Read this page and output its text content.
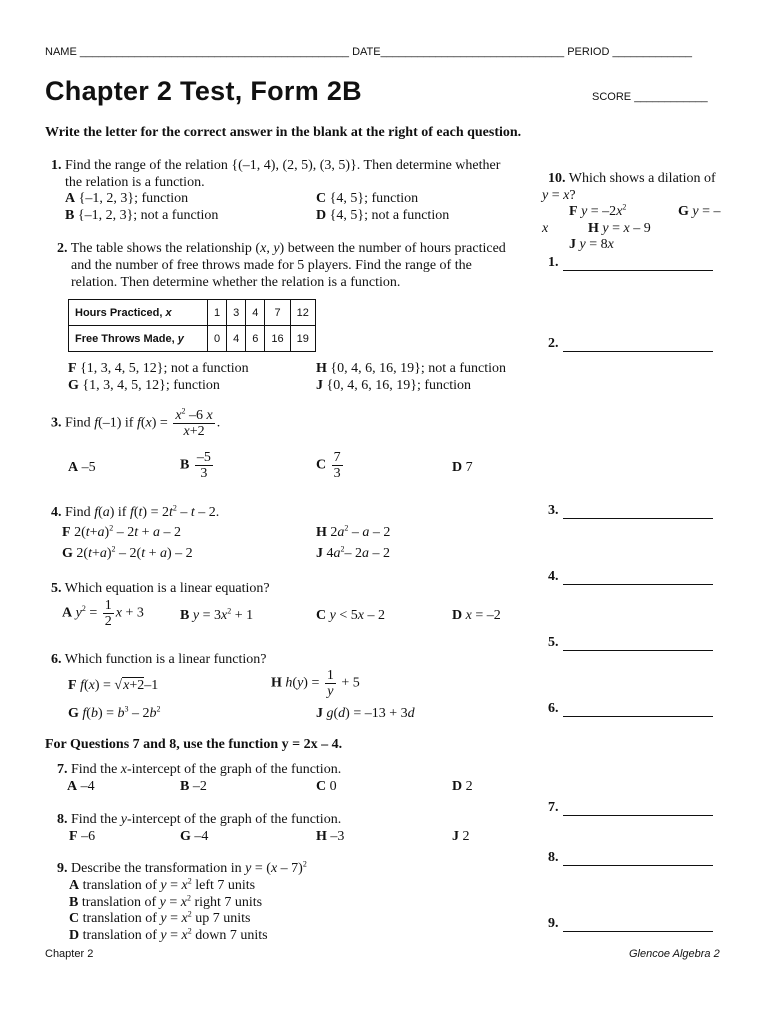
NAME ____________________________________________ DATE______________________________ PERIOD _____________
Chapter 2 Test, Form 2B	SCORE ____________
Write the letter for the correct answer in the blank at the right of each question.
1. Find the range of the relation {(–1, 4), (2, 5), (3, 5)}. Then determine whether
the relation is a function.
A {–1, 2, 3}; function
B {–1, 2, 3}; not a function
C {4, 5}; function
D {4, 5}; not a function
2. The table shows the relationship (x, y) between the number of hours practiced
and the number of free throws made for 5 players. Find the range of the
relation. Then determine whether the relation is a function.
Hours Practiced, x	1	3	4	7	12
Free Throws Made, y	0	4	6	16	19
F {1, 3, 4, 5, 12}; not a function
G {1, 3, 4, 5, 12}; function
H {0, 4, 6, 16, 19}; not a function
J {0, 4, 6, 16, 19}; function
3. Find f(–1) if $f(x) = \frac{x^2 -6 x}{x+2}$ .
A –5	B $\frac{-5}{3}$	C $\frac{7}{3}$	D 7
4. Find f(a) if $f(t) = 2t^2 - t - 2$.
F $2(t+a)^2 - 2t + a - 2$
G $2(t+a)^2 - 2(t + a) - 2$
H $2a^2$ – a – 2
J $4a^2-$ 2a – 2
5. Which equation is a linear equation?
A $y^2 = \frac{1}{2}$ x + 3	B $y = 3x^2 + 1$	C y < 5x – 2	D x = –2
6. Which function is a linear function?
F f(x) = √x+2–1	H $h(y) = \frac{1}{y} + 5$
G $f(b) = b^3 - 2b^2$	J g(d) = –13 + 3d
For Questions 7 and 8, use the function y = 2x – 4.
7. Find the x-intercept of the graph of the function.
A –4	B –2	C 0	D 2
8. Find the y-intercept of the graph of the function.
F –6	G –4	H –3	J 2
9. Describe the transformation in y = (x – 7)$^2$
A translation of $y = x^2$ left 7 units
B translation of $y = x^2$ right 7 units
C translation of $y = x^2$ up 7 units
D translation of $y = x^2$ down 7 units
10. Which shows a dilation of
y = x?
F $y = -2x^2$	G y = –
x	H y = x – 9
J y = 8x
1.
2.
3.
4.
5.
6.
7.
8.
9.
Chapter 2	Glencoe Algebra 2
